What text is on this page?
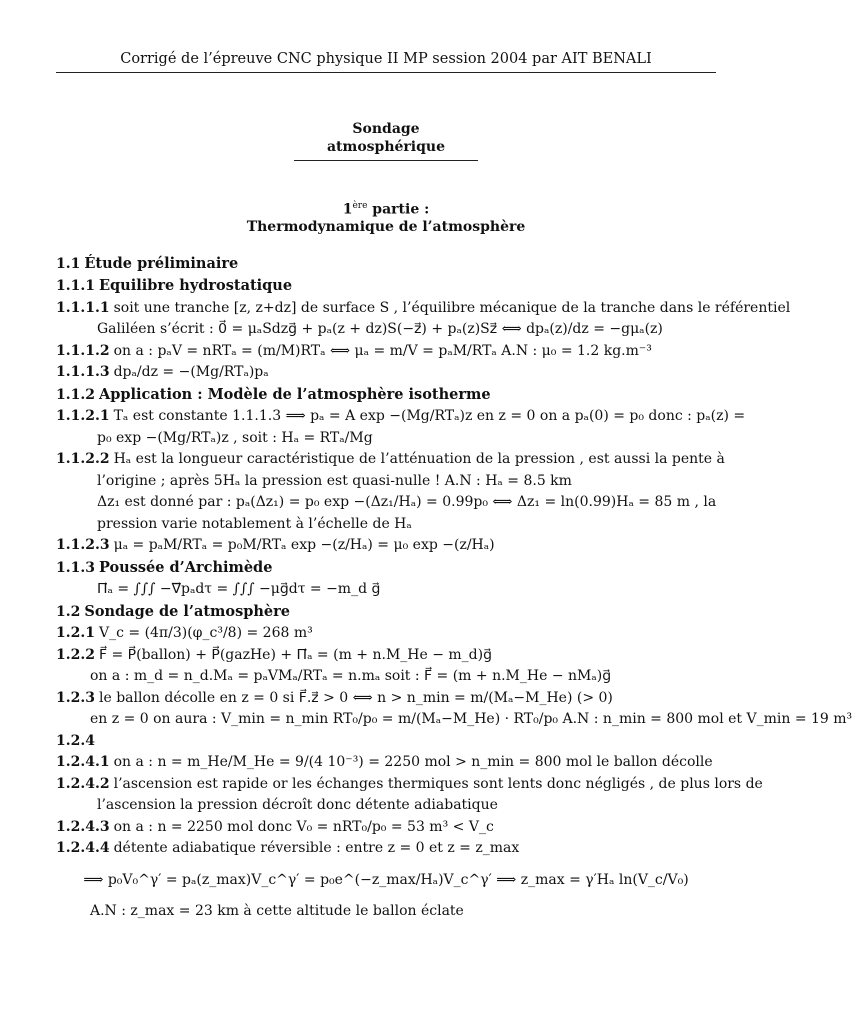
Corrigé de l’épreuve CNC physique II MP session 2004 par AIT BENALI
Sondage atmosphérique
1ère partie :
Thermodynamique de l’atmosphère
1.1 Étude préliminaire
1.1.1 Equilibre hydrostatique
1.1.1.1 soit une tranche [z, z+dz] de surface S , l’équilibre mécanique de la tranche dans le référentiel
Galiléen s’écrit : 0⃗ = μₐSdzg⃗ + pₐ(z + dz)S(−z⃗) + pₐ(z)Sz⃗ ⟺ dpₐ(z)/dz = −gμₐ(z)
1.1.1.2 on a : pₐV = nRTₐ = (m/M)RTₐ ⟺ μₐ = m/V = pₐM/RTₐ A.N : μ₀ = 1.2 kg.m⁻³
1.1.1.3 dpₐ/dz = −(Mg/RTₐ)pₐ
1.1.2 Application : Modèle de l’atmosphère isotherme
1.1.2.1 Tₐ est constante 1.1.1.3 ⟹ pₐ = A exp −(Mg/RTₐ)z en z = 0 on a pₐ(0) = p₀ donc : pₐ(z) =
p₀ exp −(Mg/RTₐ)z , soit : Hₐ = RTₐ/Mg
1.1.2.2 Hₐ est la longueur caractéristique de l’atténuation de la pression , est aussi la pente à
l’origine ; après 5Hₐ la pression est quasi-nulle ! A.N : Hₐ = 8.5 km
Δz₁ est donné par : pₐ(Δz₁) = p₀ exp −(Δz₁/Hₐ) = 0.99p₀ ⟺ Δz₁ = ln(0.99)Hₐ = 85 m , la
pression varie notablement à l’échelle de Hₐ
1.1.2.3 μₐ = pₐM/RTₐ = p₀M/RTₐ exp −(z/Hₐ) = μ₀ exp −(z/Hₐ)
1.1.3 Poussée d’Archimède
Π⃗ₐ = ∫∫∫ −∇⃗pₐdτ = ∫∫∫ −μg⃗dτ = −m_d g⃗
1.2 Sondage de l’atmosphère
1.2.1 V_c = (4π/3)(φ_c³/8) = 268 m³
1.2.2 F⃗ = P⃗(ballon) + P⃗(gazHe) + Π⃗ₐ = (m + n.M_He − m_d)g⃗
on a : m_d = n_d.Mₐ = pₐVMₐ/RTₐ = n.mₐ soit : F⃗ = (m + n.M_He − nMₐ)g⃗
1.2.3 le ballon décolle en z = 0 si F⃗.z⃗ > 0 ⟺ n > n_min = m/(Mₐ−M_He) (> 0)
en z = 0 on aura : V_min = n_min RT₀/p₀ = m/(Mₐ−M_He) · RT₀/p₀ A.N : n_min = 800 mol et V_min = 19 m³
1.2.4
1.2.4.1 on a : n = m_He/M_He = 9/(4 10⁻³) = 2250 mol > n_min = 800 mol le ballon décolle
1.2.4.2 l’ascension est rapide or les échanges thermiques sont lents donc négligés , de plus lors de
l’ascension la pression décroît donc détente adiabatique
1.2.4.3 on a : n = 2250 mol donc V₀ = nRT₀/p₀ = 53 m³ < V_c
1.2.4.4 détente adiabatique réversible : entre z = 0 et z = z_max
⟹ p₀V₀^γ′ = pₐ(z_max)V_c^γ′ = p₀e^(−z_max/Hₐ)V_c^γ′ ⟹ z_max = γ′Hₐ ln(V_c/V₀)
A.N : z_max = 23 km à cette altitude le ballon éclate
